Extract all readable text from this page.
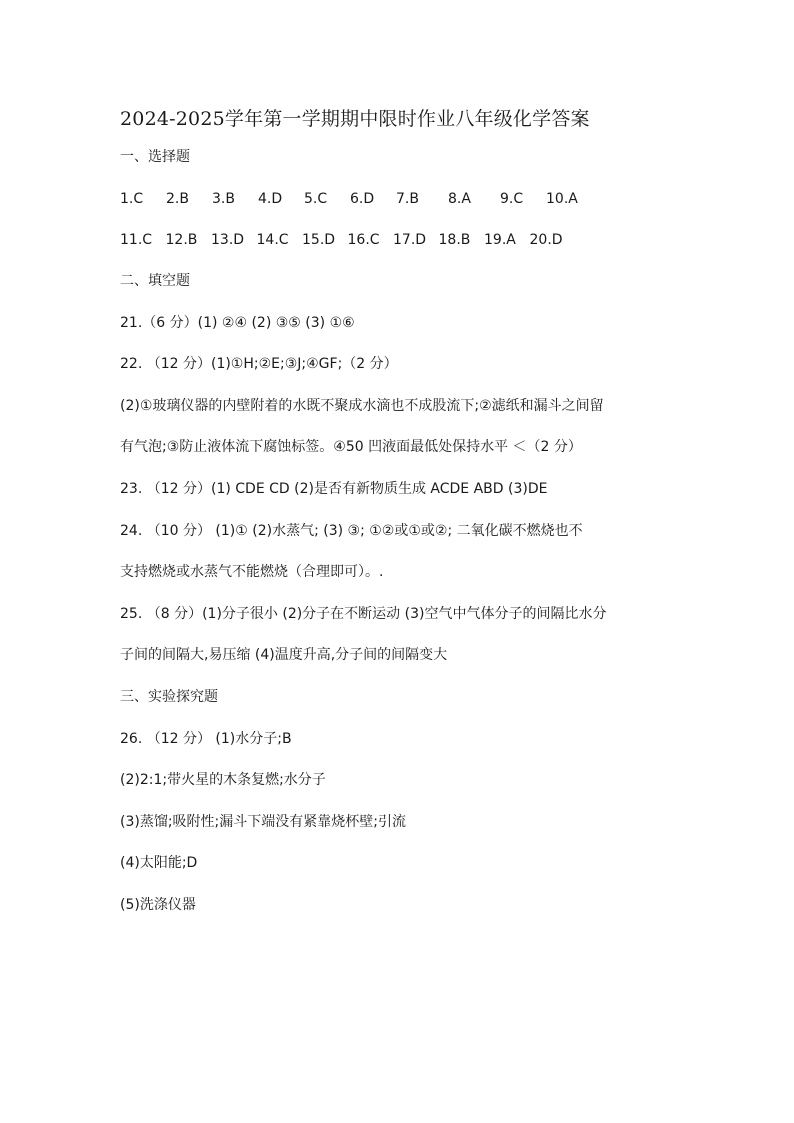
2024-2025学年第一学期期中限时作业八年级化学答案
一、选择题
1.C	2.B	3.B	4.D	5.C	6.D	7.B	8.A	9.C	10.A
11.C 12.B 13.D 14.C 15.D 16.C 17.D 18.B 19.A 20.D
二、填空题
21.（6 分）(1) ②④ (2) ③⑤ (3) ①⑥
22. （12 分）(1)①H;②E;③J;④GF;（2 分）
(2)①玻璃仪器的内壁附着的水既不聚成水滴也不成股流下;②滤纸和漏斗之间留
有气泡;③防止液体流下腐蚀标签。④50 凹液面最低处保持水平 ＜（2 分）
23. （12 分）(1) CDE CD (2)是否有新物质生成 ACDE ABD (3)DE
24. （10 分） (1)① (2)水蒸气; (3) ③; ①②或①或②; 二氧化碳不燃烧也不
支持燃烧或水蒸气不能燃烧（合理即可）。.
25. （8 分）(1)分子很小 (2)分子在不断运动 (3)空气中气体分子的间隔比水分
子间的间隔大,易压缩 (4)温度升高,分子间的间隔变大
三、实验探究题
26. （12 分） (1)水分子;B
(2)2:1;带火星的木条复燃;水分子
(3)蒸馏;吸附性;漏斗下端没有紧靠烧杯壁;引流
(4)太阳能;D
(5)洗涤仪器
